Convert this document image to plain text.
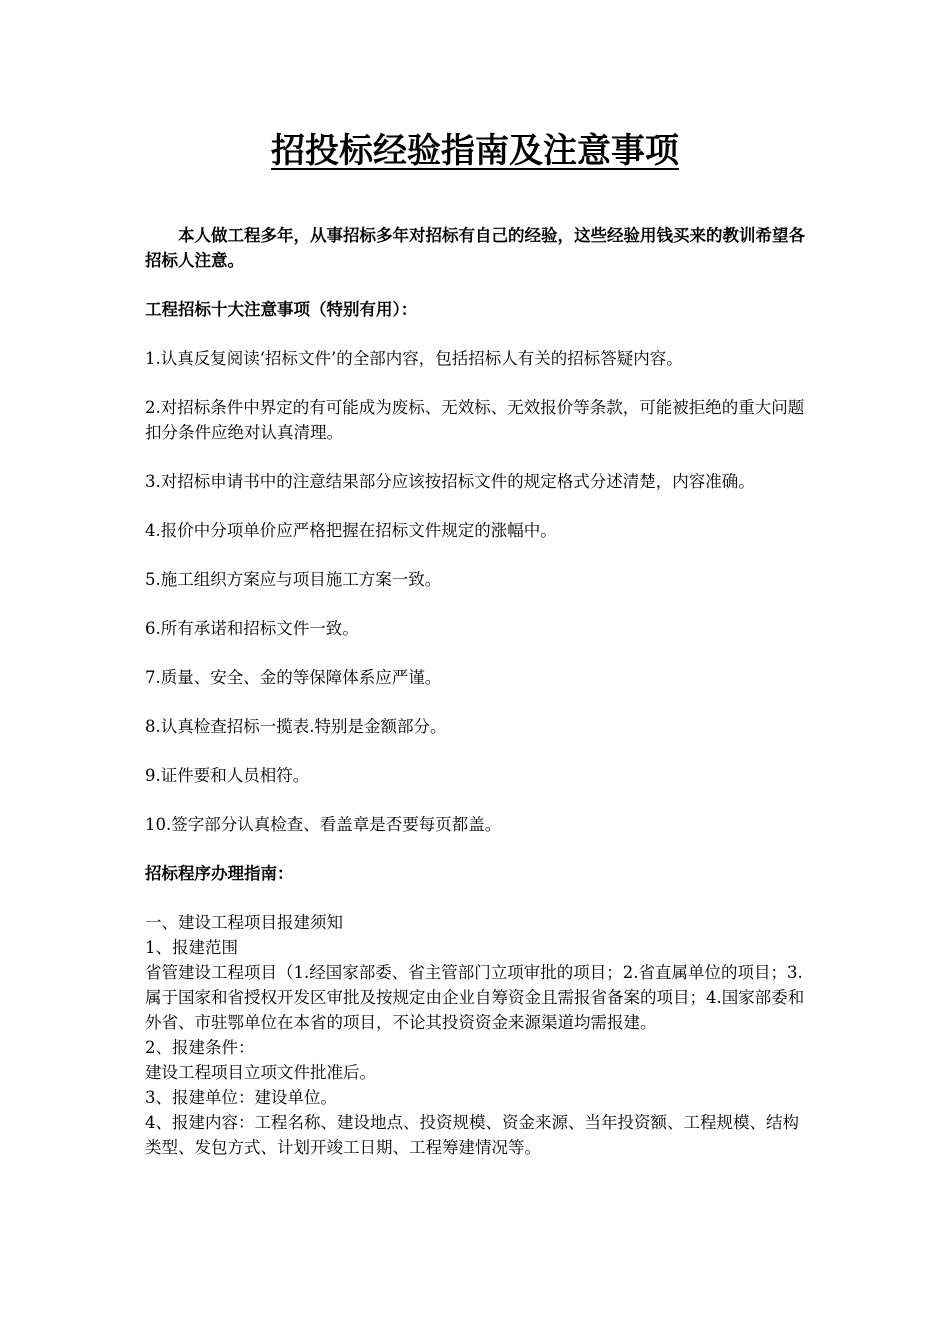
招投标经验指南及注意事项

本人做工程多年，从事招标多年对招标有自己的经验，这些经验用钱买来的教训希望各招标人注意。

工程招标十大注意事项（特别有用）：

1.认真反复阅读‘招标文件’的全部内容，包括招标人有关的招标答疑内容。

2.对招标条件中界定的有可能成为废标、无效标、无效报价等条款，可能被拒绝的重大问题扣分条件应绝对认真清理。

3.对招标申请书中的注意结果部分应该按招标文件的规定格式分述清楚，内容准确。

4.报价中分项单价应严格把握在招标文件规定的涨幅中。

5.施工组织方案应与项目施工方案一致。

6.所有承诺和招标文件一致。

7.质量、安全、金的等保障体系应严谨。

8.认真检查招标一揽表.特别是金额部分。

9.证件要和人员相符。

10.签字部分认真检查、看盖章是否要每页都盖。

招标程序办理指南：

一、建设工程项目报建须知

1、报建范围

省管建设工程项目（1.经国家部委、省主管部门立项审批的项目；2.省直属单位的项目；3.属于国家和省授权开发区审批及按规定由企业自筹资金且需报省备案的项目；4.国家部委和外省、市驻鄂单位在本省的项目，不论其投资资金来源渠道均需报建。

2、报建条件：

建设工程项目立项文件批准后。

3、报建单位：建设单位。

4、报建内容：工程名称、建设地点、投资规模、资金来源、当年投资额、工程规模、结构类型、发包方式、计划开竣工日期、工程筹建情况等。
